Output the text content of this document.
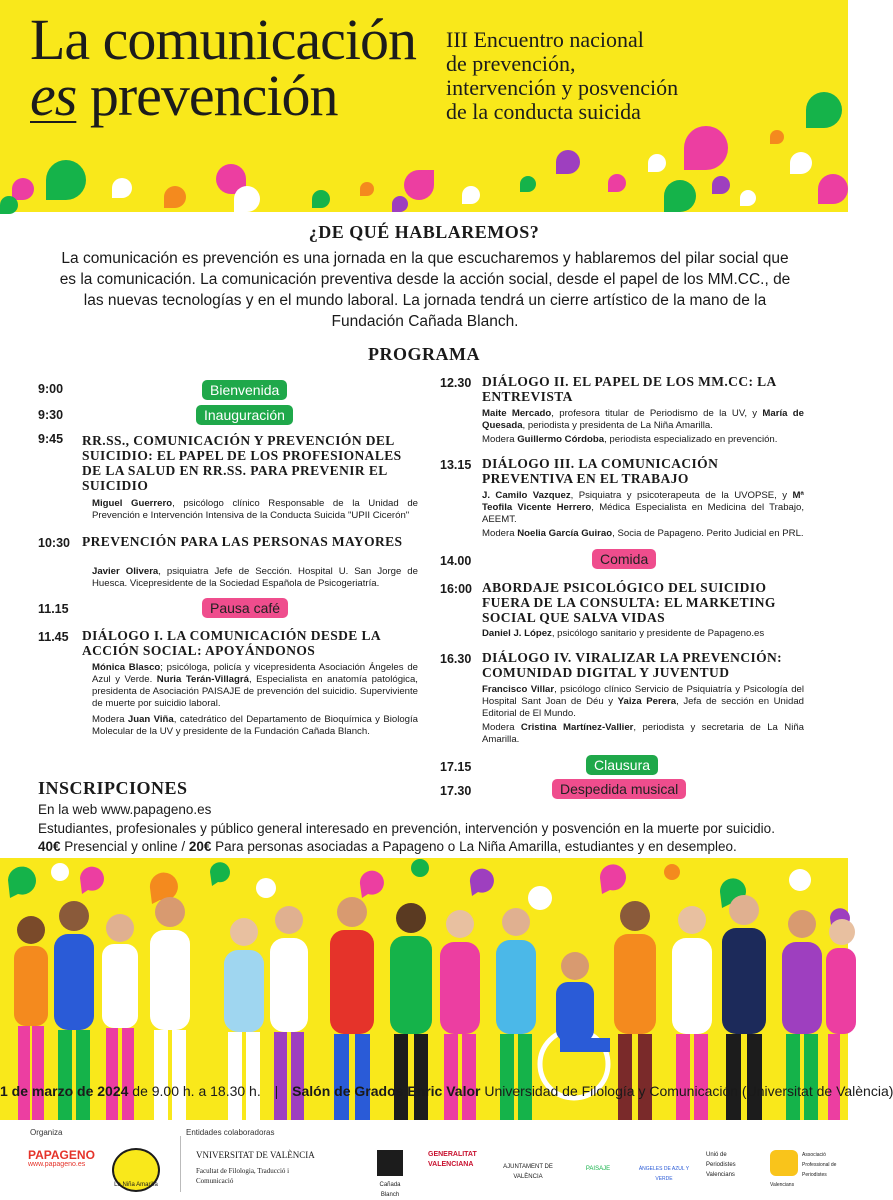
La comunicación
es prevención
III Encuentro nacional
de prevención,
intervención y posvención
de la conducta suicida
¿DE QUÉ HABLAREMOS?
La comunicación es prevención es una jornada en la que escucharemos y hablaremos del pilar social que es la comunicación. La comunicación preventiva desde la acción social, desde el papel de los MM.CC., de las nuevas tecnologías y en el mundo laboral. La jornada tendrá un cierre artístico de la mano de la Fundación Cañada Blanch.
PROGRAMA
9:00	Bienvenida
9:30	Inauguración
9:45 RR.SS., COMUNICACIÓN Y PREVENCIÓN DEL SUICIDIO: EL PAPEL DE LOS PROFESIONALES DE LA SALUD EN RR.SS. PARA PREVENIR EL SUICIDIO
Miguel Guerrero, psicólogo clínico Responsable de la Unidad de Prevención e Intervención Intensiva de la Conducta Suicida "UPII Cicerón"
10:30 PREVENCIÓN PARA LAS PERSONAS MAYORES
Javier Olivera, psiquiatra Jefe de Sección. Hospital U. San Jorge de Huesca. Vicepresidente de la Sociedad Española de Psicogeriatría.
11.15	Pausa café
11.45 DIÁLOGO I. LA COMUNICACIÓN DESDE LA ACCIÓN SOCIAL: APOYÁNDONOS
Mónica Blasco; psicóloga, policía y vicepresidenta Asociación Ángeles de Azul y Verde. Nuria Terán-Villagrá, Especialista en anatomía patológica, presidenta de Asociación PAISAJE de prevención del suicidio. Superviviente de muerte por suicidio laboral.
Modera Juan Viña, catedrático del Departamento de Bioquímica y Biología Molecular de la UV y presidente de la Fundación Cañada Blanch.
12.30 DIÁLOGO II. EL PAPEL DE LOS MM.CC: LA ENTREVISTA
Maite Mercado, profesora titular de Periodismo de la UV, y María de Quesada, periodista y presidenta de La Niña Amarilla.
Modera Guillermo Córdoba, periodista especializado en prevención.
13.15 DIÁLOGO III. LA COMUNICACIÓN PREVENTIVA EN EL TRABAJO
J. Camilo Vazquez, Psiquiatra y psicoterapeuta de la UVOPSE, y Mª Teofila Vicente Herrero, Médica Especialista en Medicina del Trabajo, AEEMT.
Modera Noelia García Guirao, Socia de Papageno. Perito Judicial en PRL.
14.00	Comida
16:00 ABORDAJE PSICOLÓGICO DEL SUICIDIO FUERA DE LA CONSULTA: EL MARKETING SOCIAL QUE SALVA VIDAS
Daniel J. López, psicólogo sanitario y presidente de Papageno.es
16.30 DIÁLOGO IV. VIRALIZAR LA PREVENCIÓN: COMUNIDAD DIGITAL Y JUVENTUD
Francisco Villar, psicólogo clínico Servicio de Psiquiatría y Psicología del Hospital Sant Joan de Déu y Yaiza Perera, Jefa de sección en Unidad Editorial de El Mundo.
Modera Cristina Martínez-Vallier, periodista y secretaria de La Niña Amarilla.
17.15	Clausura
17.30	Despedida musical
INSCRIPCIONES
En la web www.papageno.es
Estudiantes, profesionales y público general interesado en prevención, intervención y posvención en la muerte por suicidio.
40€ Presencial y online / 20€ Para personas asociadas a Papageno o La Niña Amarilla, estudiantes y en desempleo.
1 de marzo de 2024 de 9.00 h. a 18.30 h. | Salón de Grados Enric Valor Universidad de Filología y Comunicación (Universitat de València)
Organiza	Entidades colaboradoras
PAPAGENO
www.papageno.es
La Niña Amarilla
VNIVERSITAT DE VALÈNCIA
Facultat de Filologia, Traducció i Comunicació	Cañada Blanch
GENERALITAT VALENCIANA	AJUNTAMENT DE VALÈNCIA
PAISAJE	ÁNGELES DE AZUL Y VERDE
Unió de Periodistes Valencians
Associació Professional de Periodistes Valencians
